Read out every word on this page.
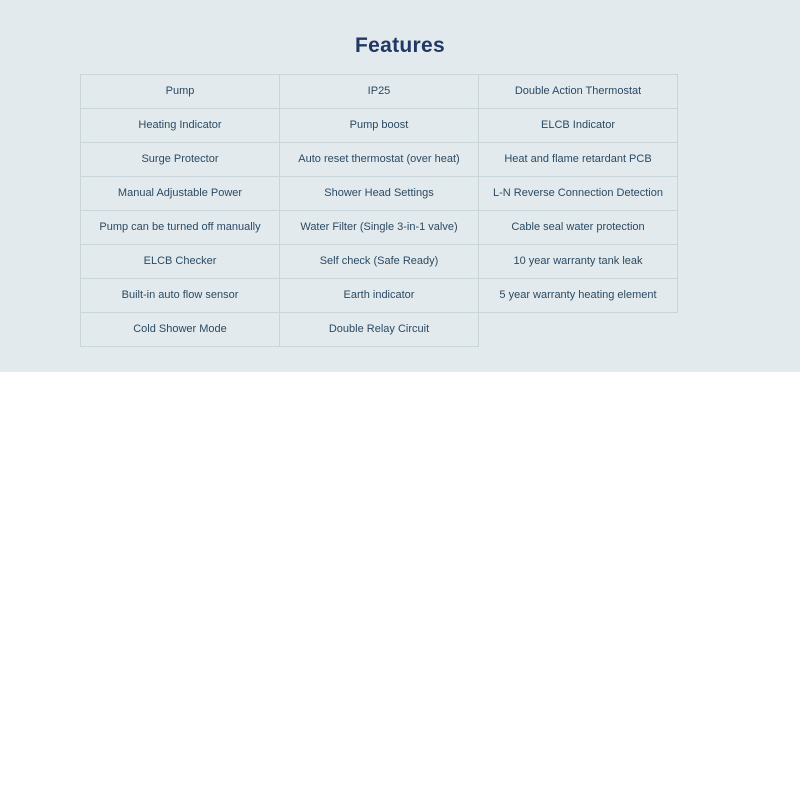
Features
Pump	IP25	Double Action Thermostat
Heating Indicator	Pump boost	ELCB Indicator
Surge Protector	Auto reset thermostat (over heat)	Heat and flame retardant PCB
Manual Adjustable Power	Shower Head Settings	L-N Reverse Connection Detection
Pump can be turned off manually	Water Filter (Single 3-in-1 valve)	Cable seal water protection
ELCB Checker	Self check (Safe Ready)	10 year warranty tank leak
Built-in auto flow sensor	Earth indicator	5 year warranty heating element
Cold Shower Mode	Double Relay Circuit	
